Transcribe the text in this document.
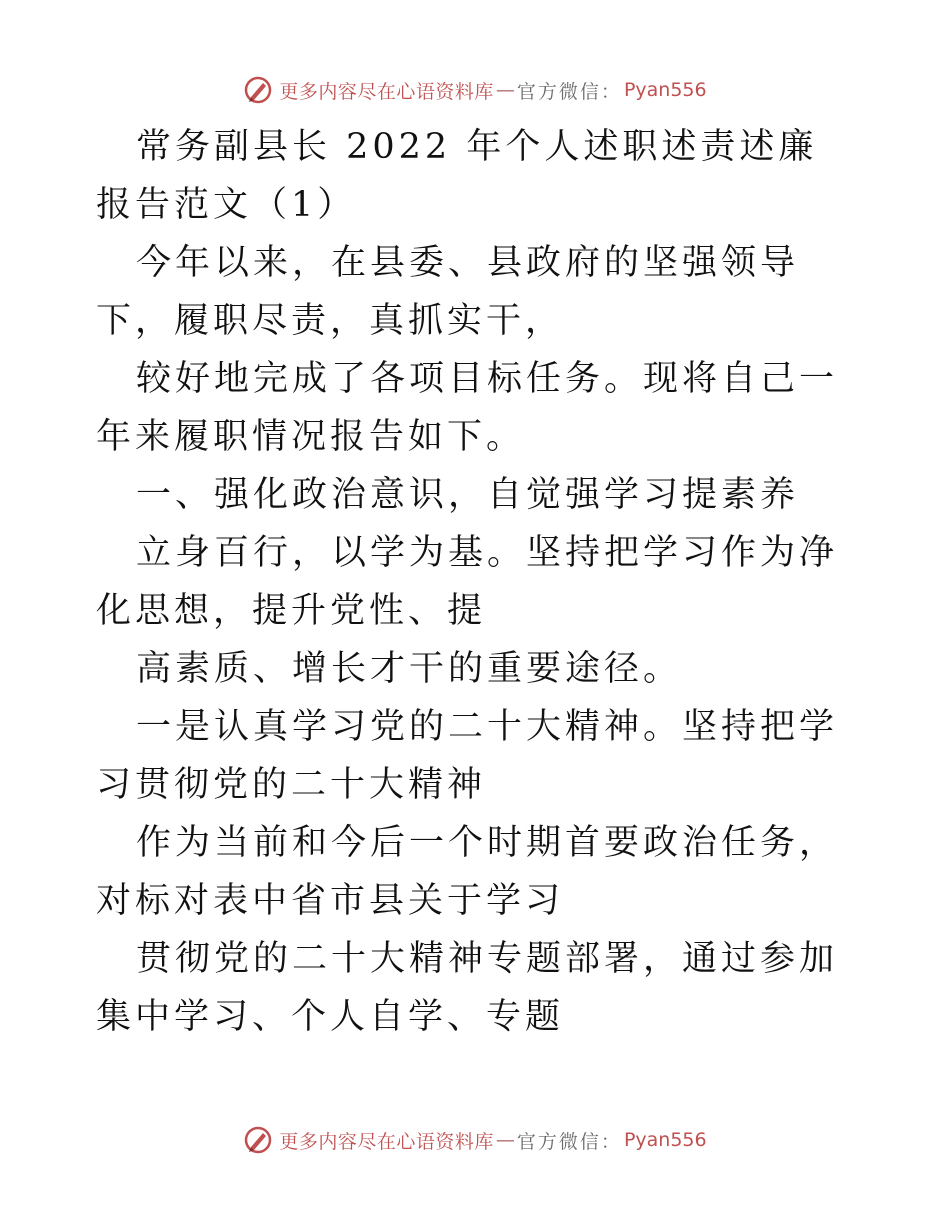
更多内容尽在心语资料库 — 官方微信： Pyan556

常务副县长 2022 年个人述职述责述廉报告范文（1）

今年以来，在县委、县政府的坚强领导下，履职尽责，真抓实干，

较好地完成了各项目标任务。现将自己一年来履职情况报告如下。

一、强化政治意识，自觉强学习提素养

立身百行，以学为基。坚持把学习作为净化思想，提升党性、提

高素质、增长才干的重要途径。

一是认真学习党的二十大精神。坚持把学习贯彻党的二十大精神

作为当前和今后一个时期首要政治任务，对标对表中省市县关于学习

贯彻党的二十大精神专题部署，通过参加集中学习、个人自学、专题

更多内容尽在心语资料库 — 官方微信： Pyan556
